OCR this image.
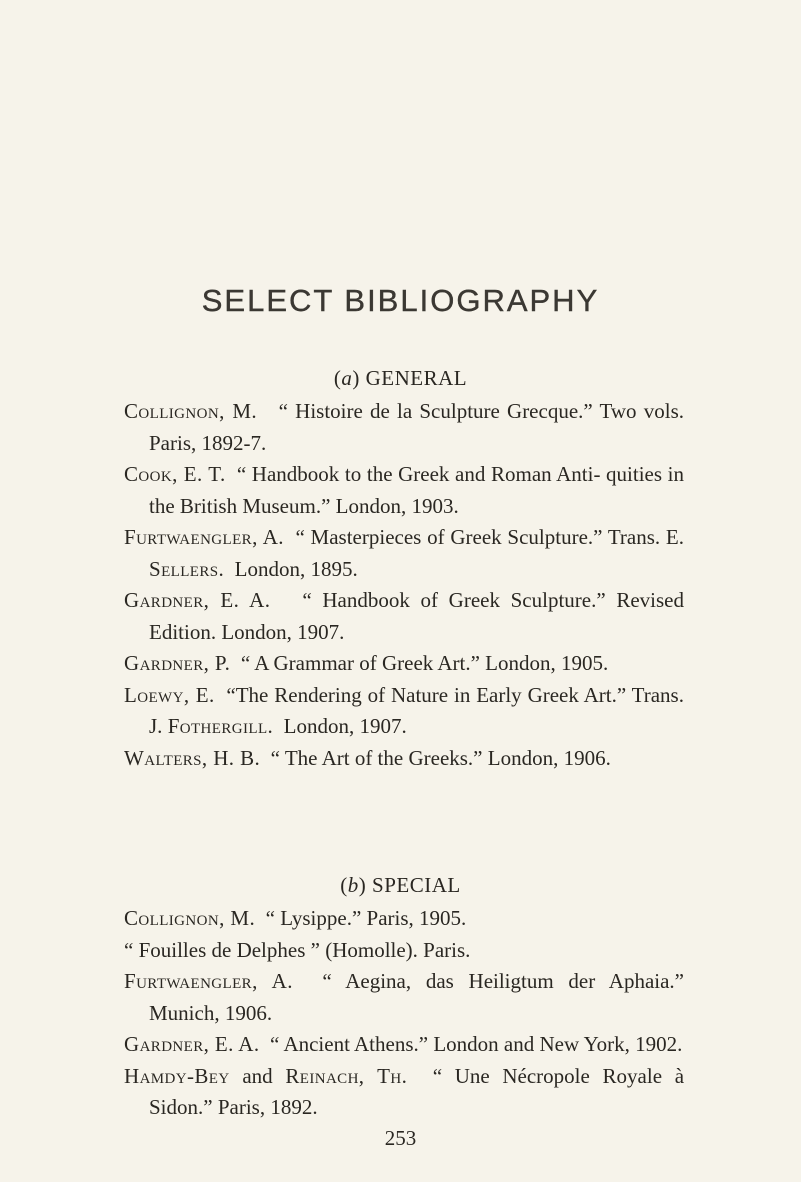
SELECT BIBLIOGRAPHY
(a) GENERAL
Collignon, M. “ Histoire de la Sculpture Grecque.” Two vols. Paris, 1892-7.
Cook, E. T. “ Handbook to the Greek and Roman Anti- quities in the British Museum.” London, 1903.
Furtwaengler, A. “ Masterpieces of Greek Sculpture.” Trans. E. Sellers. London, 1895.
Gardner, E. A. “ Handbook of Greek Sculpture.” Revised Edition. London, 1907.
Gardner, P. “ A Grammar of Greek Art.” London, 1905.
Loewy, E. “The Rendering of Nature in Early Greek Art.” Trans. J. Fothergill. London, 1907.
Walters, H. B. “ The Art of the Greeks.” London, 1906.
(b) SPECIAL
Collignon, M. “ Lysippe.” Paris, 1905.
“ Fouilles de Delphes ” (Homolle). Paris.
Furtwaengler, A. “ Aegina, das Heiligtum der Aphaia.” Munich, 1906.
Gardner, E. A. “ Ancient Athens.” London and New York, 1902.
Hamdy-Bey and Reinach, Th. “ Une Nécropole Royale à Sidon.” Paris, 1892.
253
